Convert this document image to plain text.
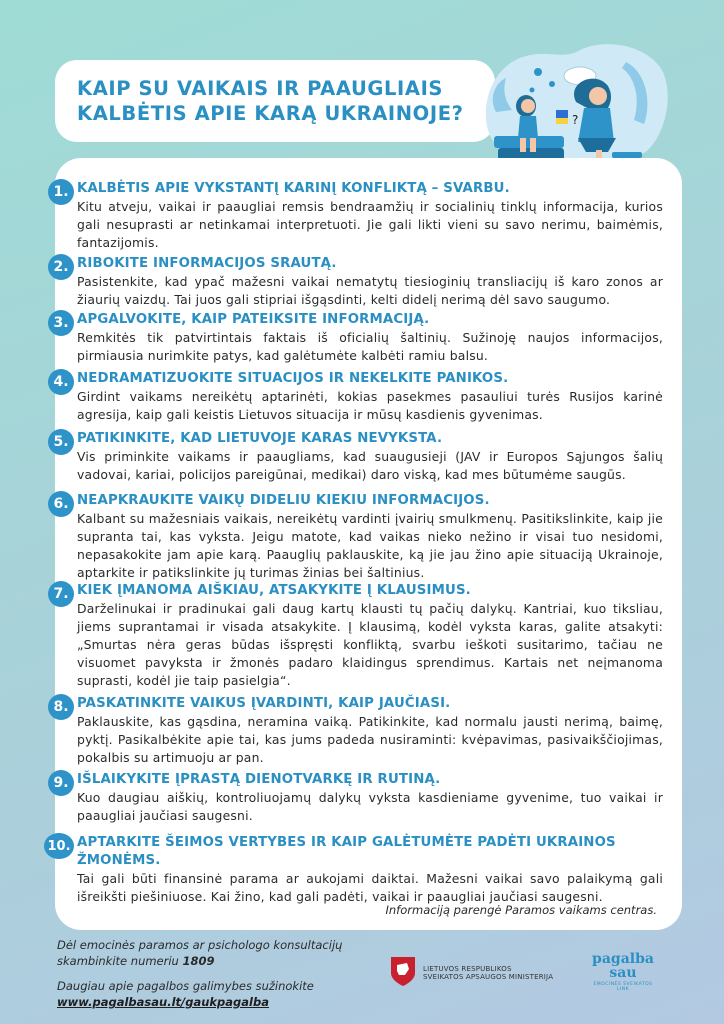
KAIP SU VAIKAIS IR PAAUGLIAIS
KALBĖTIS APIE KARĄ UKRAINOJE?	?
1. KALBĖTIS APIE VYKSTANTĮ KARINĮ KONFLIKTĄ – SVARBU.

Kitu atveju, vaikai ir paaugliai remsis bendraamžių ir socialinių tinklų informacija, kurios gali nesuprasti ar netinkamai interpretuoti. Jie gali likti vieni su savo nerimu, baimėmis, fantazijomis.

2. RIBOKITE INFORMACIJOS SRAUTĄ.

Pasistenkite, kad ypač mažesni vaikai nematytų tiesioginių transliacijų iš karo zonos ar žiaurių vaizdų. Tai juos gali stipriai išgąsdinti, kelti didelį nerimą dėl savo saugumo.

3. APGALVOKITE, KAIP PATEIKSITE INFORMACIJĄ.

Remkitės tik patvirtintais faktais iš oficialių šaltinių. Sužinoję naujos informacijos, pirmiausia nurimkite patys, kad galėtumėte kalbėti ramiu balsu.

4. NEDRAMATIZUOKITE SITUACIJOS IR NEKELKITE PANIKOS.

Girdint vaikams nereikėtų aptarinėti, kokias pasekmes pasauliui turės Rusijos karinė agresija, kaip gali keistis Lietuvos situacija ir mūsų kasdienis gyvenimas.

5. PATIKINKITE, KAD LIETUVOJE KARAS NEVYKSTA.

Vis priminkite vaikams ir paaugliams, kad suaugusieji (JAV ir Europos Sąjungos šalių vadovai, kariai, policijos pareigūnai, medikai) daro viską, kad mes būtumėme saugūs.

6. NEAPKRAUKITE VAIKŲ DIDELIU KIEKIU INFORMACIJOS.

Kalbant su mažesniais vaikais, nereikėtų vardinti įvairių smulkmenų. Pasitikslinkite, kaip jie supranta tai, kas vyksta. Jeigu matote, kad vaikas nieko nežino ir visai tuo nesidomi, nepasakokite jam apie karą. Paauglių paklauskite, ką jie jau žino apie situaciją Ukrainoje, aptarkite ir patikslinkite jų turimas žinias bei šaltinius.

7. KIEK ĮMANOMA AIŠKIAU, ATSAKYKITE Į KLAUSIMUS.

Darželinukai ir pradinukai gali daug kartų klausti tų pačių dalykų. Kantriai, kuo tiksliau, jiems suprantamai ir visada atsakykite. Į klausimą, kodėl vyksta karas, galite atsakyti: „Smurtas nėra geras būdas išspręsti konfliktą, svarbu ieškoti susitarimo, tačiau ne visuomet pavyksta ir žmonės padaro klaidingus sprendimus. Kartais net neįmanoma suprasti, kodėl jie taip pasielgia“.

8. PASKATINKITE VAIKUS ĮVARDINTI, KAIP JAUČIASI.

Paklauskite, kas gąsdina, neramina vaiką. Patikinkite, kad normalu jausti nerimą, baimę, pyktį. Pasikalbėkite apie tai, kas jums padeda nusiraminti: kvėpavimas, pasivaikščiojimas, pokalbis su artimuoju ar pan.

9. IŠLAIKYKITE ĮPRASTĄ DIENOTVARKĘ IR RUTINĄ.

Kuo daugiau aiškių, kontroliuojamų dalykų vyksta kasdieniame gyvenime, tuo vaikai ir paaugliai jaučiasi saugesni.

10. APTARKITE ŠEIMOS VERTYBES IR KAIP GALĖTUMĖTE PADĖTI UKRAINOS ŽMONĖMS.

Tai gali būti finansinė parama ar aukojami daiktai. Mažesni vaikai savo palaikymą gali išreikšti piešiniuose. Kai žino, kad gali padėti, vaikai ir paaugliai jaučiasi saugesni.

Informaciją parengė Paramos vaikams centras.

Dėl emocinės paramos ar psichologo konsultacijų skambinkite numeriu 1809

Daugiau apie pagalbos galimybes sužinokite
www.pagalbasau.lt/gaukpagalba

LIETUVOS RESPUBLIKOS
SVEIKATOS APSAUGOS MINISTERIJA
pagalba
sau
EMOCINĖS SVEIKATOS LINK
